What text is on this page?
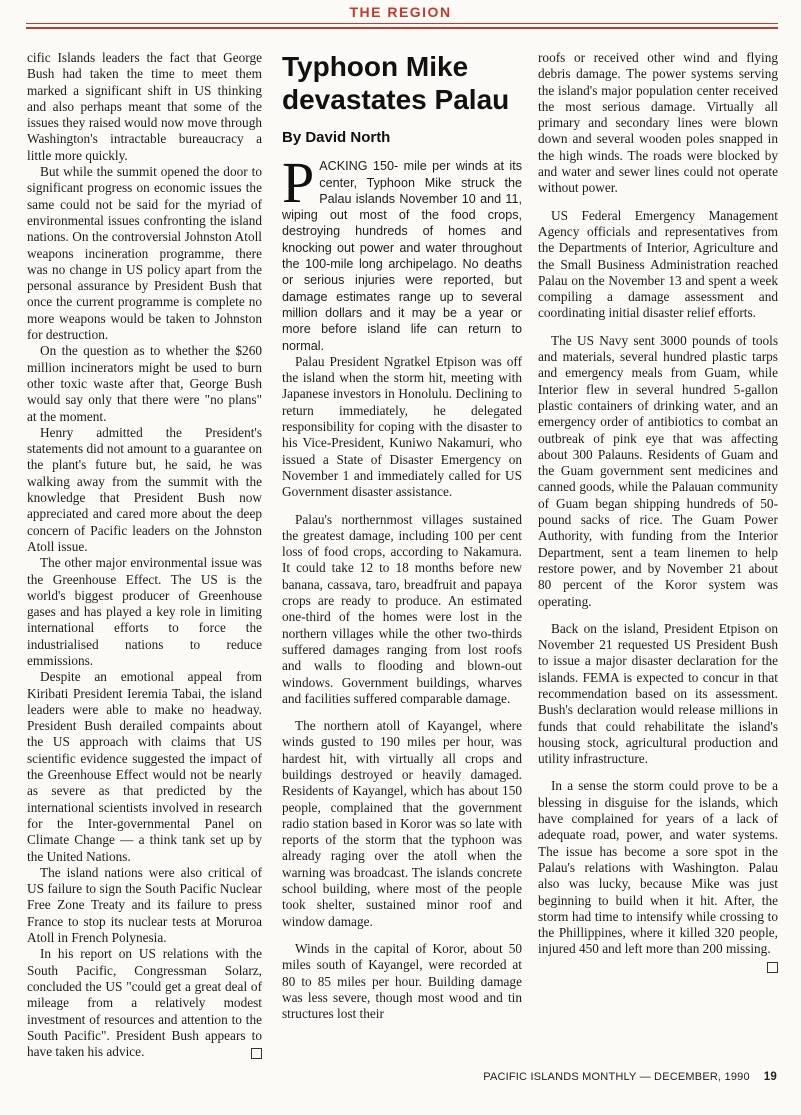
THE REGION

cific Islands leaders the fact that George Bush had taken the time to meet them marked a significant shift in US thinking and also perhaps meant that some of the issues they raised would now move through Washington's intractable bureaucracy a little more quickly.

But while the summit opened the door to significant progress on economic issues the same could not be said for the myriad of environmental issues confronting the island nations. On the controversial Johnston Atoll weapons incineration programme, there was no change in US policy apart from the personal assurance by President Bush that once the current programme is complete no more weapons would be taken to Johnston for destruction.

On the question as to whether the $260 million incinerators might be used to burn other toxic waste after that, George Bush would say only that there were "no plans" at the moment.

Henry admitted the President's statements did not amount to a guarantee on the plant's future but, he said, he was walking away from the summit with the knowledge that President Bush now appreciated and cared more about the deep concern of Pacific leaders on the Johnston Atoll issue.

The other major environmental issue was the Greenhouse Effect. The US is the world's biggest producer of Greenhouse gases and has played a key role in limiting international efforts to force the industrialised nations to reduce emmissions.

Despite an emotional appeal from Kiribati President Ieremia Tabai, the island leaders were able to make no headway. President Bush derailed compaints about the US approach with claims that US scientific evidence suggested the impact of the Greenhouse Effect would not be nearly as severe as that predicted by the international scientists involved in research for the Inter-governmental Panel on Climate Change — a think tank set up by the United Nations.

The island nations were also critical of US failure to sign the South Pacific Nuclear Free Zone Treaty and its failure to press France to stop its nuclear tests at Moruroa Atoll in French Polynesia.

In his report on US relations with the South Pacific, Congressman Solarz, concluded the US "could get a great deal of mileage from a relatively modest investment of resources and attention to the South Pacific". President Bush appears to have taken his advice.

Typhoon Mike devastates Palau
By David North

PACKING 150- mile per winds at its center, Typhoon Mike struck the Palau islands November 10 and 11, wiping out most of the food crops, destroying hundreds of homes and knocking out power and water throughout the 100-mile long archipelago. No deaths or serious injuries were reported, but damage estimates range up to several million dollars and it may be a year or more before island life can return to normal.

Palau President Ngratkel Etpison was off the island when the storm hit, meeting with Japanese investors in Honolulu. Declining to return immediately, he delegated responsibility for coping with the disaster to his Vice-President, Kuniwo Nakamuri, who issued a State of Disaster Emergency on November 1 and immediately called for US Government disaster assistance.

Palau's northernmost villages sustained the greatest damage, including 100 per cent loss of food crops, according to Nakamura. It could take 12 to 18 months before new banana, cassava, taro, breadfruit and papaya crops are ready to produce. An estimated one-third of the homes were lost in the northern villages while the other two-thirds suffered damages ranging from lost roofs and walls to flooding and blown-out windows. Government buildings, wharves and facilities suffered comparable damage.

The northern atoll of Kayangel, where winds gusted to 190 miles per hour, was hardest hit, with virtually all crops and buildings destroyed or heavily damaged. Residents of Kayangel, which has about 150 people, complained that the government radio station based in Koror was so late with reports of the storm that the typhoon was already raging over the atoll when the warning was broadcast. The islands concrete school building, where most of the people took shelter, sustained minor roof and window damage.

Winds in the capital of Koror, about 50 miles south of Kayangel, were recorded at 80 to 85 miles per hour. Building damage was less severe, though most wood and tin structures lost their

roofs or received other wind and flying debris damage. The power systems serving the island's major population center received the most serious damage. Virtually all primary and secondary lines were blown down and several wooden poles snapped in the high winds. The roads were blocked by and water and sewer lines could not operate without power.

US Federal Emergency Management Agency officials and representatives from the Departments of Interior, Agriculture and the Small Business Administration reached Palau on the November 13 and spent a week compiling a damage assessment and coordinating initial disaster relief efforts.

The US Navy sent 3000 pounds of tools and materials, several hundred plastic tarps and emergency meals from Guam, while Interior flew in several hundred 5-gallon plastic containers of drinking water, and an emergency order of antibiotics to combat an outbreak of pink eye that was affecting about 300 Palauns. Residents of Guam and the Guam government sent medicines and canned goods, while the Palauan community of Guam began shipping hundreds of 50-pound sacks of rice. The Guam Power Authority, with funding from the Interior Department, sent a team linemen to help restore power, and by November 21 about 80 percent of the Koror system was operating.

Back on the island, President Etpison on November 21 requested US President Bush to issue a major disaster declaration for the islands. FEMA is expected to concur in that recommendation based on its assessment. Bush's declaration would release millions in funds that could rehabilitate the island's housing stock, agricultural production and utility infrastructure.

In a sense the storm could prove to be a blessing in disguise for the islands, which have complained for years of a lack of adequate road, power, and water systems. The issue has become a sore spot in the Palau's relations with Washington. Palau also was lucky, because Mike was just beginning to build when it hit. After, the storm had time to intensify while crossing to the Phillippines, where it killed 320 people, injured 450 and left more than 200 missing.

PACIFIC ISLANDS MONTHLY — DECEMBER, 1990 19
